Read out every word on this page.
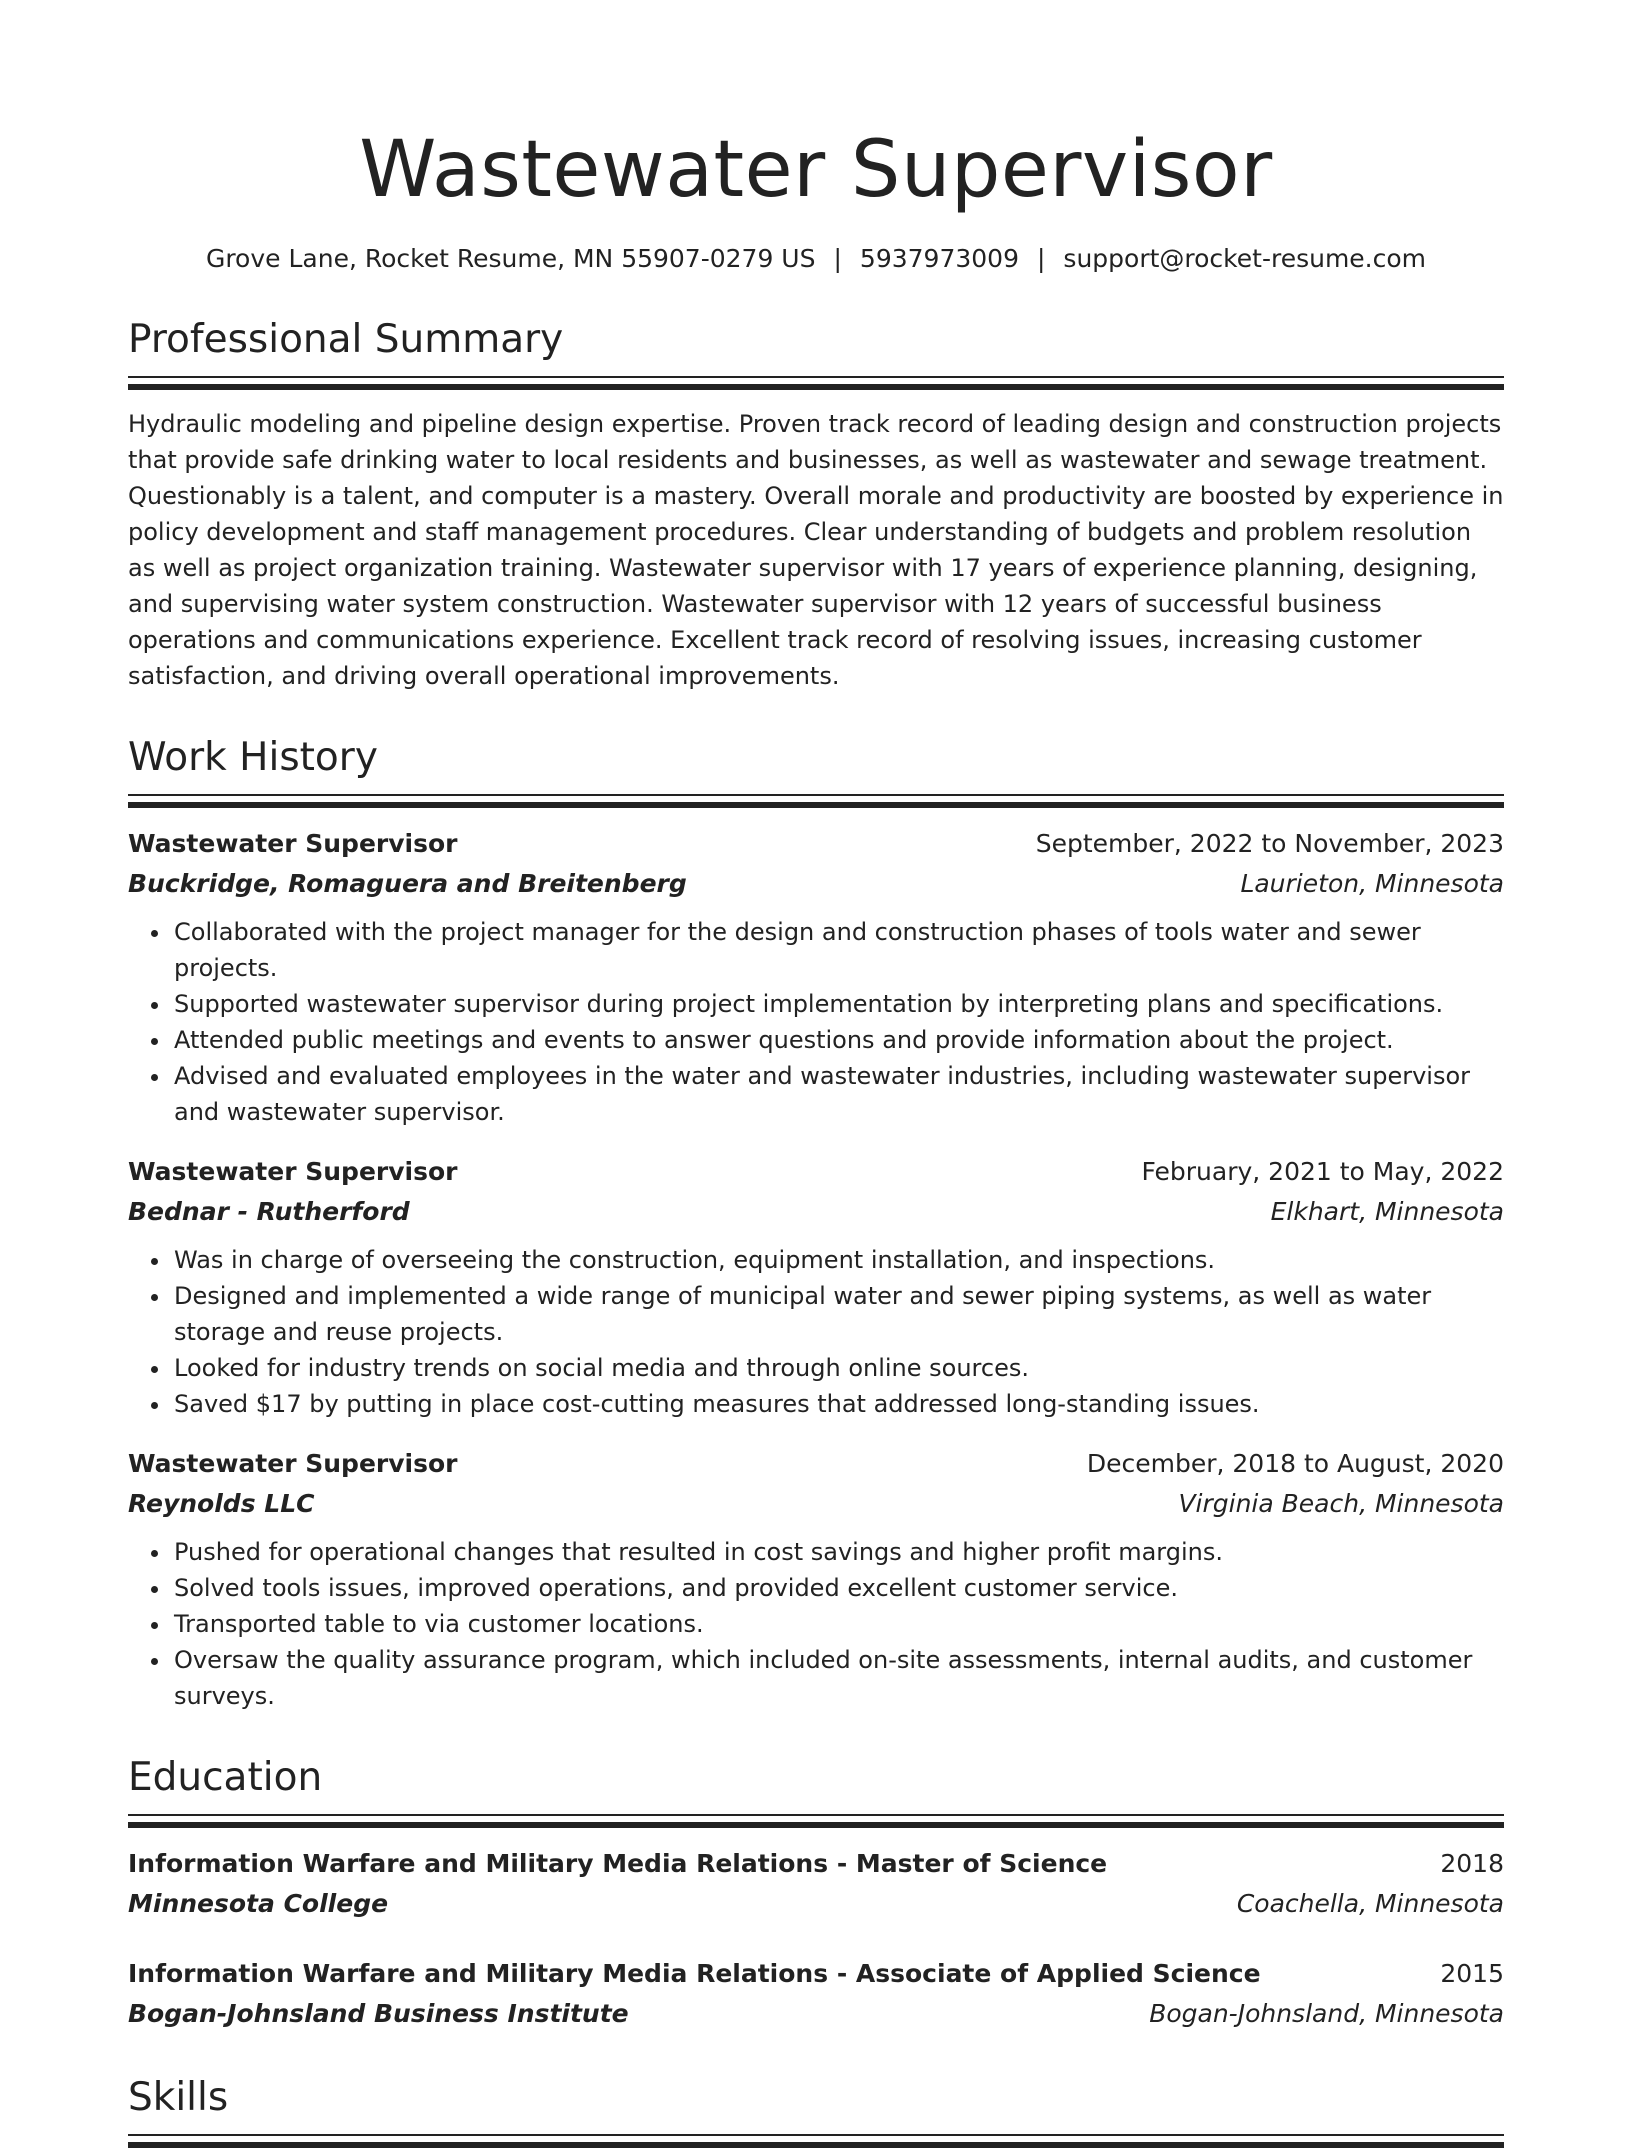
Wastewater Supervisor
Grove Lane, Rocket Resume, MN 55907-0279 US | 5937973009 | support@rocket-resume.com
Professional Summary
Hydraulic modeling and pipeline design expertise. Proven track record of leading design and construction projects that provide safe drinking water to local residents and businesses, as well as wastewater and sewage treatment. Questionably is a talent, and computer is a mastery. Overall morale and productivity are boosted by experience in policy development and staff management procedures. Clear understanding of budgets and problem resolution as well as project organization training. Wastewater supervisor with 17 years of experience planning, designing, and supervising water system construction. Wastewater supervisor with 12 years of successful business operations and communications experience. Excellent track record of resolving issues, increasing customer satisfaction, and driving overall operational improvements.
Work History
Wastewater Supervisor	September, 2022 to November, 2023
Buckridge, Romaguera and Breitenberg	Laurieton, Minnesota
• Collaborated with the project manager for the design and construction phases of tools water and sewer projects.
• Supported wastewater supervisor during project implementation by interpreting plans and specifications.
• Attended public meetings and events to answer questions and provide information about the project.
• Advised and evaluated employees in the water and wastewater industries, including wastewater supervisor and wastewater supervisor.
Wastewater Supervisor	February, 2021 to May, 2022
Bednar - Rutherford	Elkhart, Minnesota
• Was in charge of overseeing the construction, equipment installation, and inspections.
• Designed and implemented a wide range of municipal water and sewer piping systems, as well as water storage and reuse projects.
• Looked for industry trends on social media and through online sources.
• Saved $17 by putting in place cost-cutting measures that addressed long-standing issues.
Wastewater Supervisor	December, 2018 to August, 2020
Reynolds LLC	Virginia Beach, Minnesota
• Pushed for operational changes that resulted in cost savings and higher profit margins.
• Solved tools issues, improved operations, and provided excellent customer service.
• Transported table to via customer locations.
• Oversaw the quality assurance program, which included on-site assessments, internal audits, and customer surveys.
Education
Information Warfare and Military Media Relations - Master of Science	2018
Minnesota College	Coachella, Minnesota
Information Warfare and Military Media Relations - Associate of Applied Science	2015
Bogan-Johnsland Business Institute	Bogan-Johnsland, Minnesota
Skills
